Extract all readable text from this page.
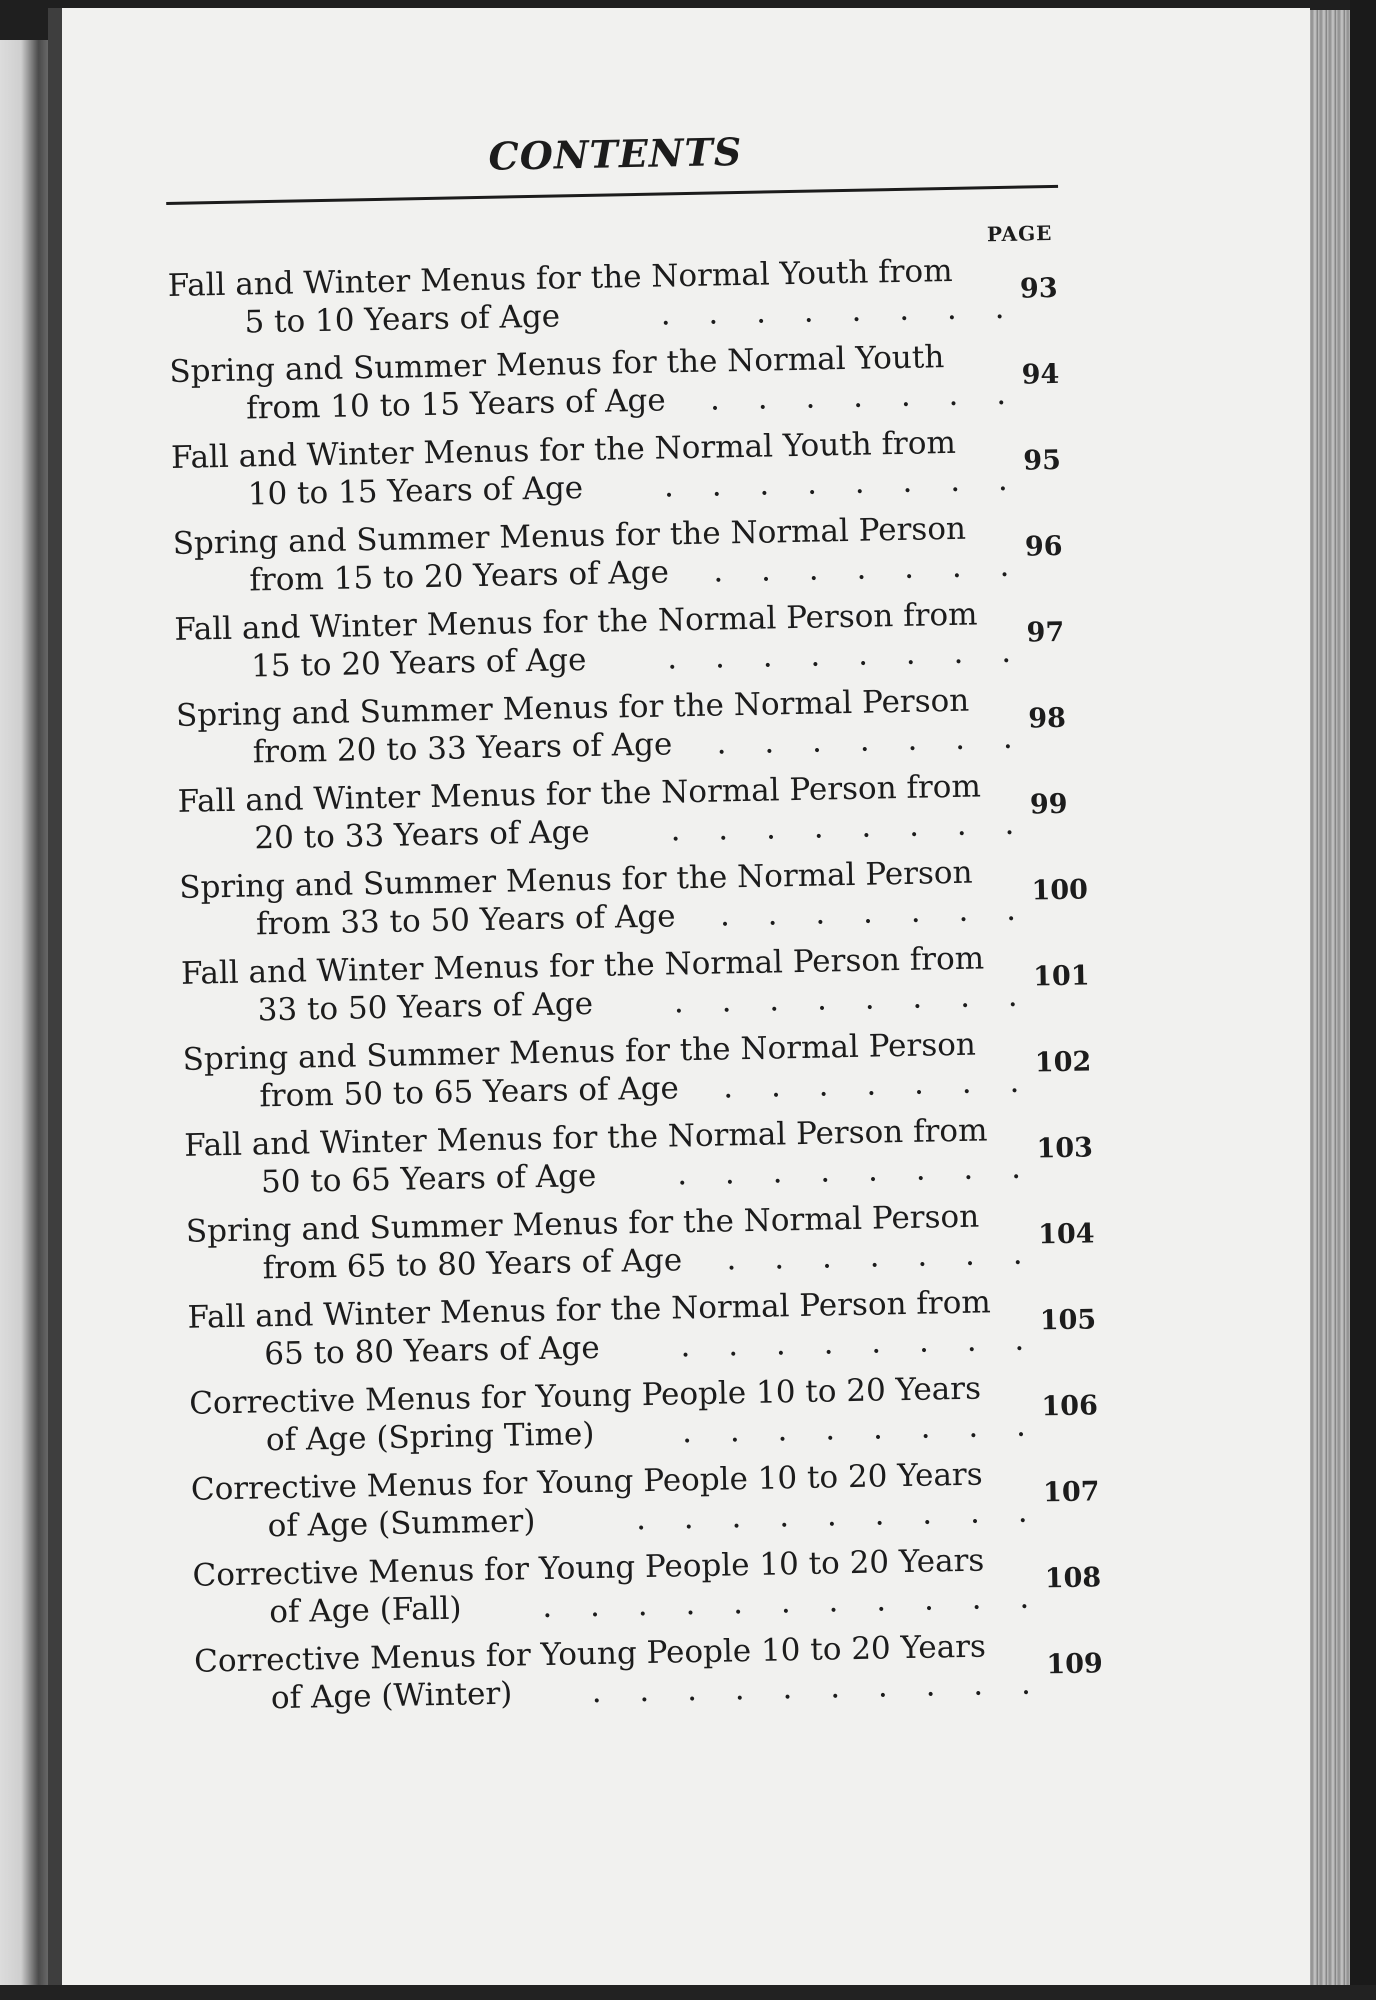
CONTENTS
PAGE
Fall and Winter Menus for the Normal Youth from
5 to 10 Years of Age	. . . . . . . .
93
Spring and Summer Menus for the Normal Youth
from 10 to 15 Years of Age . . . . . . .
94
Fall and Winter Menus for the Normal Youth from
10 to 15 Years of Age	. . . . . . . .
95
Spring and Summer Menus for the Normal Person
from 15 to 20 Years of Age . . . . . . .
96
Fall and Winter Menus for the Normal Person from
15 to 20 Years of Age	. . . . . . . .
97
Spring and Summer Menus for the Normal Person
from 20 to 33 Years of Age . . . . . . .
98
Fall and Winter Menus for the Normal Person from
20 to 33 Years of Age	. . . . . . . .
99
Spring and Summer Menus for the Normal Person
from 33 to 50 Years of Age . . . . . . .
100
Fall and Winter Menus for the Normal Person from
33 to 50 Years of Age	. . . . . . . .
101
Spring and Summer Menus for the Normal Person
from 50 to 65 Years of Age . . . . . . .
102
Fall and Winter Menus for the Normal Person from
50 to 65 Years of Age	. . . . . . . .
103
Spring and Summer Menus for the Normal Person
from 65 to 80 Years of Age . . . . . . .
104
Fall and Winter Menus for the Normal Person from
65 to 80 Years of Age	. . . . . . . .
105
Corrective Menus for Young People 10 to 20 Years
of Age (Spring Time)	. . . . . . . .
106
Corrective Menus for Young People 10 to 20 Years
of Age (Summer)	. . . . . . . . .
107
Corrective Menus for Young People 10 to 20 Years
of Age (Fall)	. . . . . . . . . . .
108
Corrective Menus for Young People 10 to 20 Years
of Age (Winter)	. . . . . . . . . .
109
